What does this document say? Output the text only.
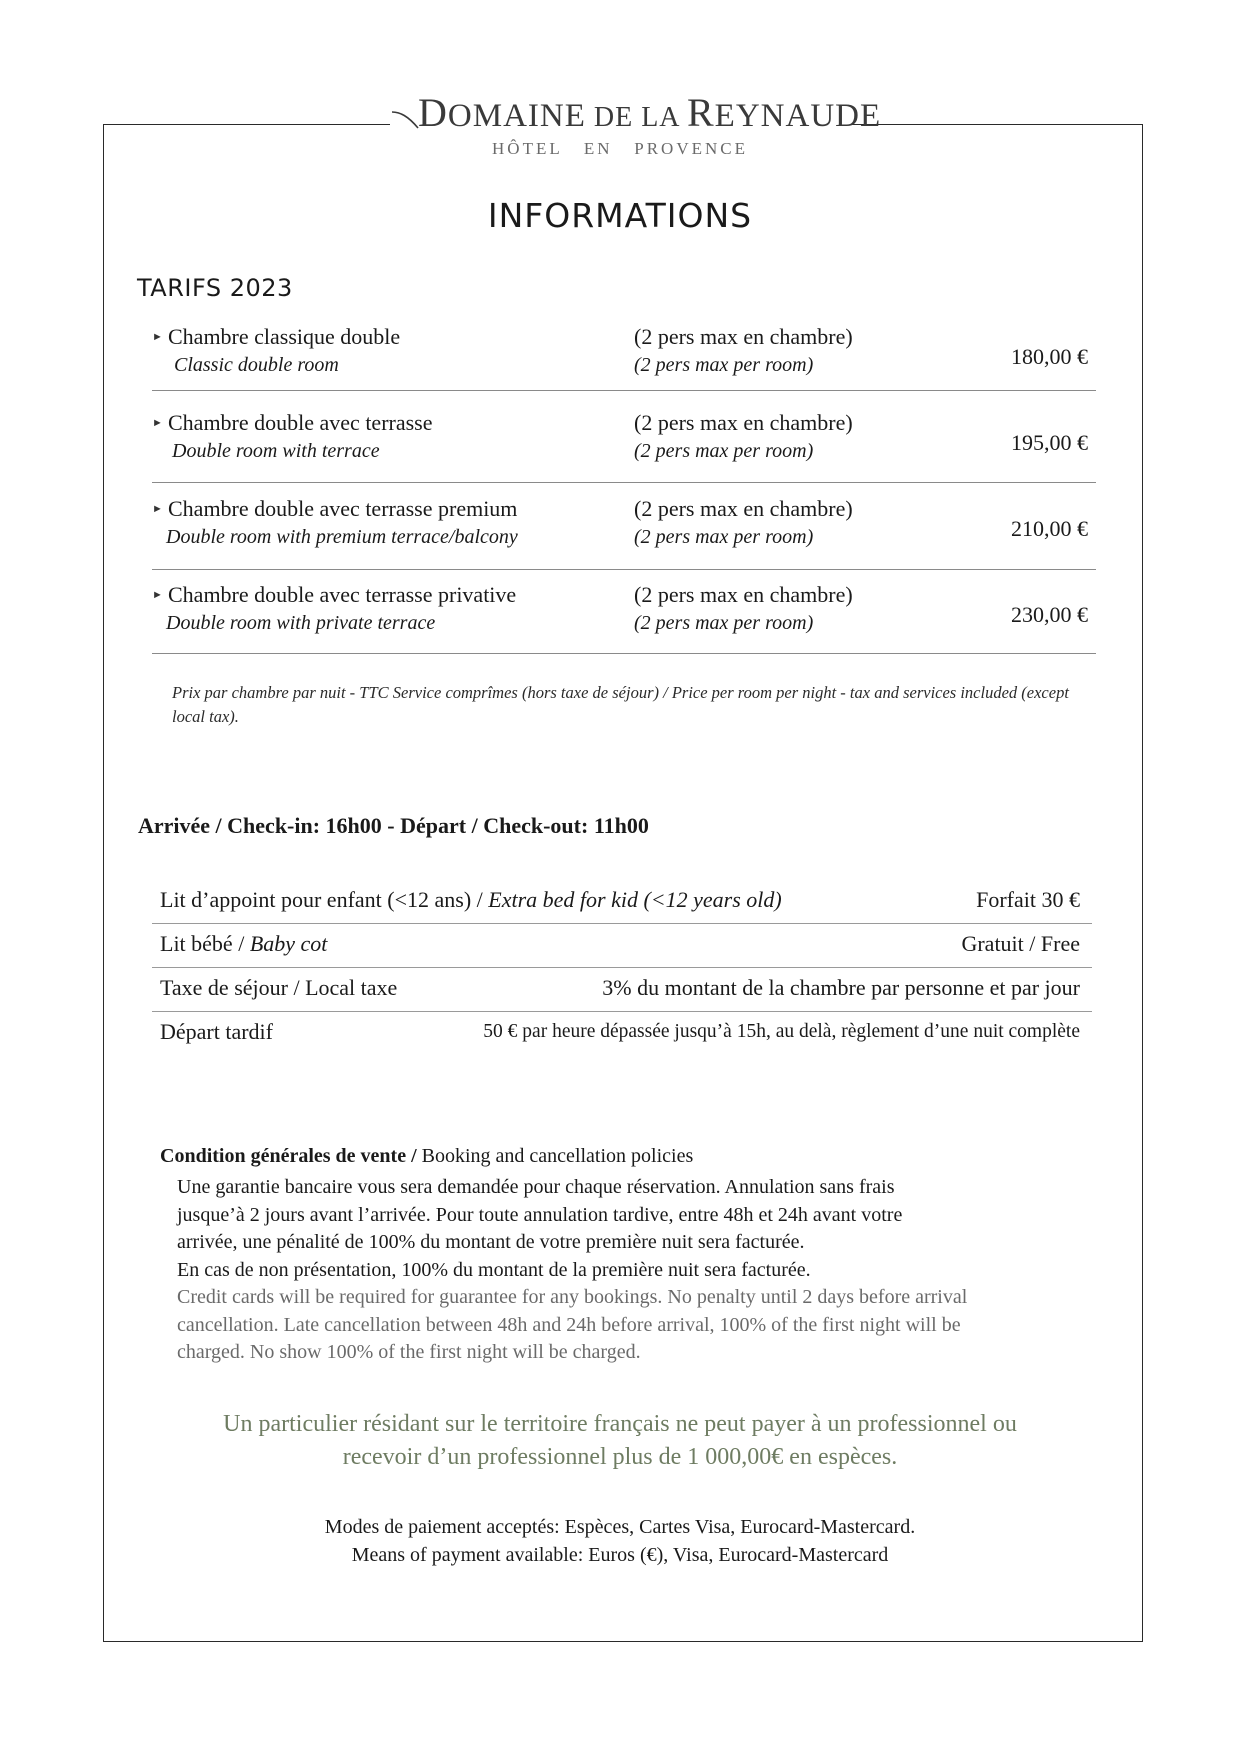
DOMAINE DE LA REYNAUDE
HÔTEL   EN   PROVENCE
INFORMATIONS
TARIFS 2023
► Chambre classique double
Classic double room
(2 pers max en chambre)
(2 pers max per room)	180,00 €
► Chambre double avec terrasse
Double room with terrace
(2 pers max en chambre)
(2 pers max per room)	195,00 €
► Chambre double avec terrasse premium
Double room with premium terrace/balcony
(2 pers max en chambre)
(2 pers max per room)	210,00 €
► Chambre double avec terrasse privative
Double room with private terrace
(2 pers max en chambre)
(2 pers max per room)	230,00 €
Prix par chambre par nuit - TTC Service comprîmes (hors taxe de séjour) / Price per room per night - tax and services included (except local tax).
Arrivée / Check-in: 16h00 - Départ / Check-out: 11h00
Lit d’appoint pour enfant (<12 ans) / Extra bed for kid (<12 years old)	Forfait 30 €
Lit bébé / Baby cot	Gratuit / Free
Taxe de séjour / Local taxe	3% du montant de la chambre par personne et par jour
Départ tardif	50 € par heure dépassée jusqu’à 15h, au delà, règlement d’une nuit complète
Condition générales de vente / Booking and cancellation policies
Une garantie bancaire vous sera demandée pour chaque réservation. Annulation sans frais
jusque’à 2 jours avant l’arrivée. Pour toute annulation tardive, entre 48h et 24h avant votre
arrivée, une pénalité de 100% du montant de votre première nuit sera facturée.
En cas de non présentation, 100% du montant de la première nuit sera facturée.
Credit cards will be required for guarantee for any bookings. No penalty until 2 days before arrival
cancellation. Late cancellation between 48h and 24h before arrival, 100% of the first night will be
charged. No show 100% of the first night will be charged.
Un particulier résidant sur le territoire français ne peut payer à un professionnel ou
recevoir d’un professionnel plus de 1 000,00€ en espèces.
Modes de paiement acceptés: Espèces, Cartes Visa, Eurocard-Mastercard.
Means of payment available: Euros (€), Visa, Eurocard-Mastercard
